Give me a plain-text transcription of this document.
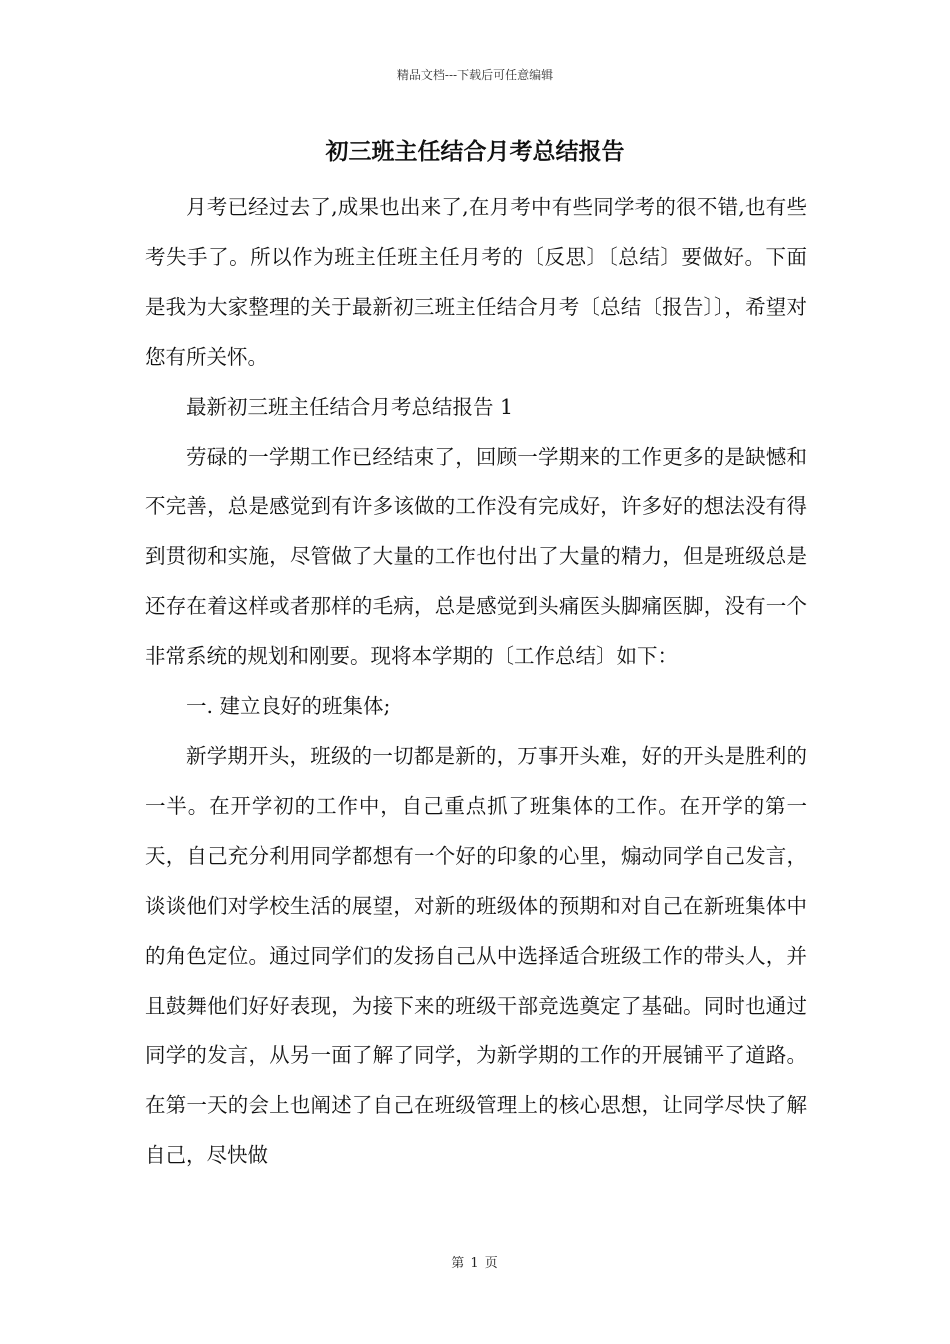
精品文档---下载后可任意编辑
初三班主任结合月考总结报告

月考已经过去了,成果也出来了,在月考中有些同学考的很不错,也有些考失手了。所以作为班主任班主任月考的〔反思〕〔总结〕要做好。下面是我为大家整理的关于最新初三班主任结合月考〔总结〔报告〕〕，希望对您有所关怀。

最新初三班主任结合月考总结报告 1

劳碌的一学期工作已经结束了，回顾一学期来的工作更多的是缺憾和不完善，总是感觉到有许多该做的工作没有完成好，许多好的想法没有得到贯彻和实施，尽管做了大量的工作也付出了大量的精力，但是班级总是还存在着这样或者那样的毛病，总是感觉到头痛医头脚痛医脚，没有一个非常系统的规划和刚要。现将本学期的〔工作总结〕如下：

一. 建立良好的班集体;

新学期开头，班级的一切都是新的，万事开头难，好的开头是胜利的一半。在开学初的工作中，自己重点抓了班集体的工作。在开学的第一天，自己充分利用同学都想有一个好的印象的心里，煽动同学自己发言，谈谈他们对学校生活的展望，对新的班级体的预期和对自己在新班集体中的角色定位。通过同学们的发扬自己从中选择适合班级工作的带头人，并且鼓舞他们好好表现，为接下来的班级干部竞选奠定了基础。同时也通过同学的发言，从另一面了解了同学，为新学期的工作的开展铺平了道路。在第一天的会上也阐述了自己在班级管理上的核心思想，让同学尽快了解自己，尽快做

第 1 页
